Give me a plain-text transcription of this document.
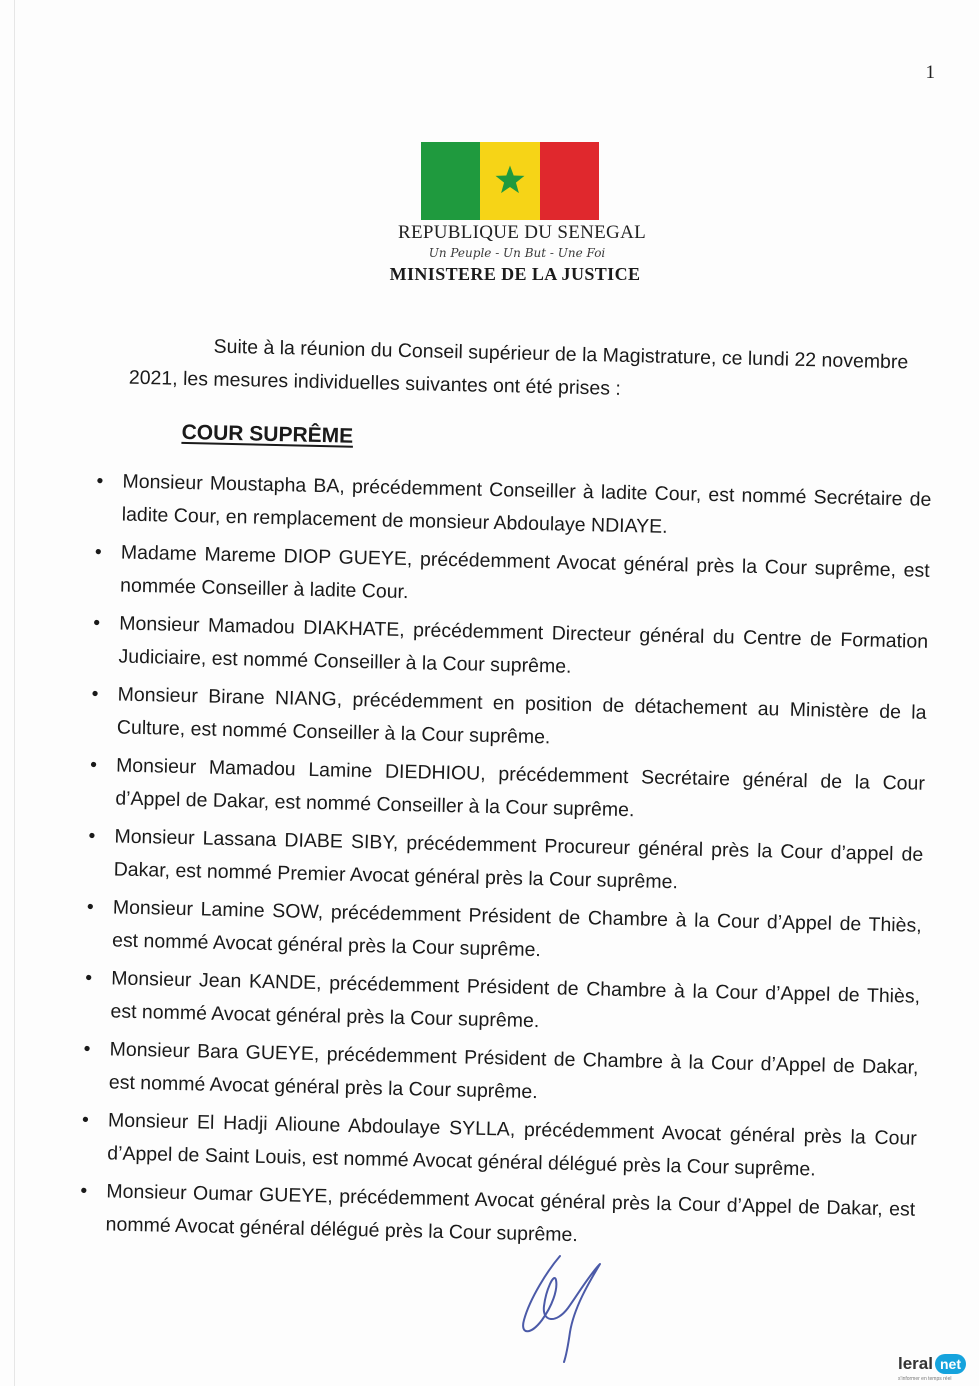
1
REPUBLIQUE DU SENEGAL
Un Peuple - Un But - Une Foi
MINISTERE DE LA JUSTICE

Suite à la réunion du Conseil supérieur de la Magistrature, ce lundi 22 novembre 2021, les mesures individuelles suivantes ont été prises :

COUR SUPRÊME
• Monsieur Moustapha BA, précédemment Conseiller à ladite Cour, est nommé Secrétaire de ladite Cour, en remplacement de monsieur Abdoulaye NDIAYE.
• Madame Mareme DIOP GUEYE, précédemment Avocat général près la Cour suprême, est nommée Conseiller à ladite Cour.
• Monsieur Mamadou DIAKHATE, précédemment Directeur général du Centre de Formation Judiciaire, est nommé Conseiller à la Cour suprême.
• Monsieur Birane NIANG, précédemment en position de détachement au Ministère de la Culture, est nommé Conseiller à la Cour suprême.
• Monsieur Mamadou Lamine DIEDHIOU, précédemment Secrétaire général de la Cour d’Appel de Dakar, est nommé Conseiller à la Cour suprême.
• Monsieur Lassana DIABE SIBY, précédemment Procureur général près la Cour d’appel de Dakar, est nommé Premier Avocat général près la Cour suprême.
• Monsieur Lamine SOW, précédemment Président de Chambre à la Cour d’Appel de Thiès, est nommé Avocat général près la Cour suprême.
• Monsieur Jean KANDE, précédemment Président de Chambre à la Cour d’Appel de Thiès, est nommé Avocat général près la Cour suprême.
• Monsieur Bara GUEYE, précédemment Président de Chambre à la Cour d’Appel de Dakar, est nommé Avocat général près la Cour suprême.
• Monsieur El Hadji Alioune Abdoulaye SYLLA, précédemment Avocat général près la Cour d’Appel de Saint Louis, est nommé Avocat général délégué près la Cour suprême.
• Monsieur Oumar GUEYE, précédemment Avocat général près la Cour d’Appel de Dakar, est nommé Avocat général délégué près la Cour suprême.
leral net
s'informer en temps réel
